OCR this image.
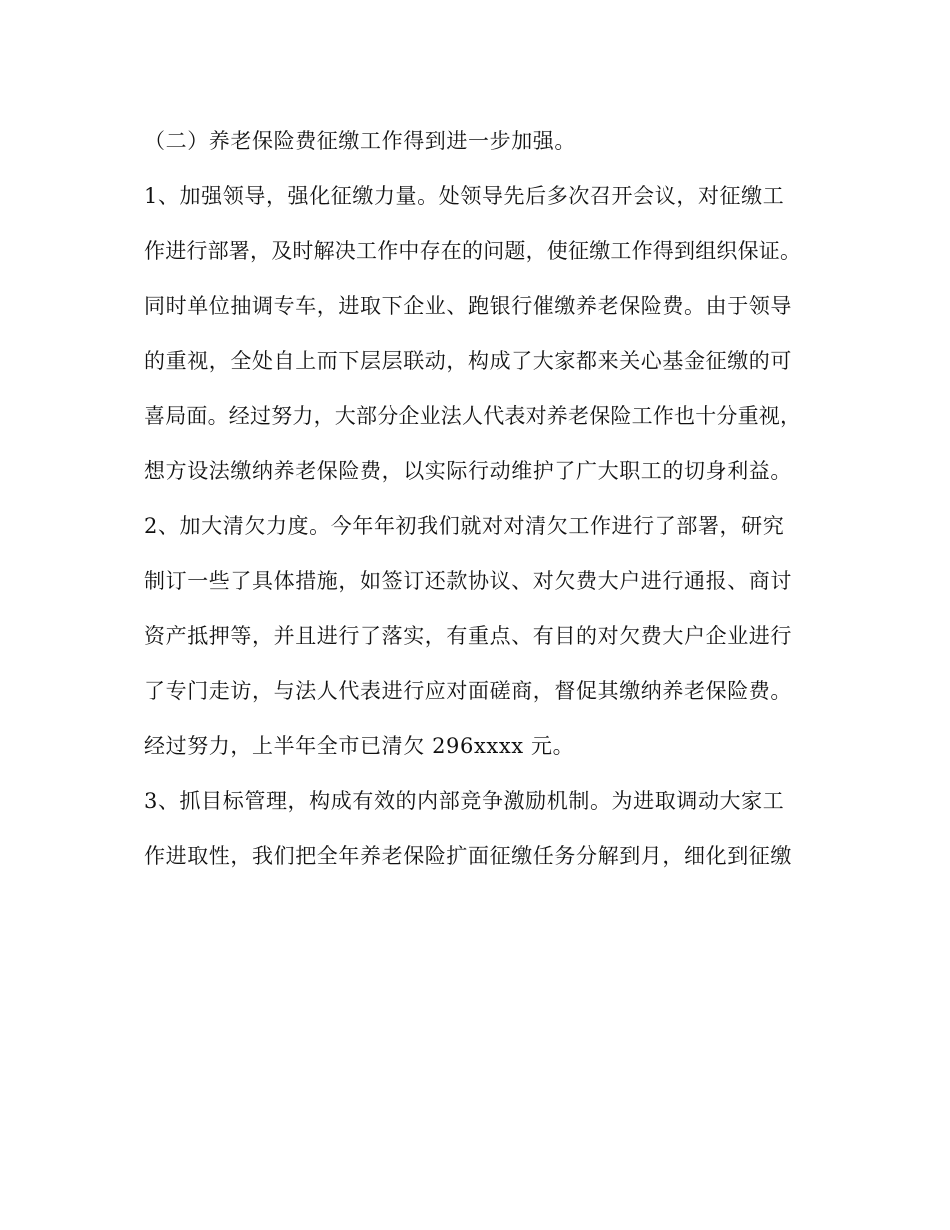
（二）养老保险费征缴工作得到进一步加强。
1、加强领导，强化征缴力量。处领导先后多次召开会议，对征缴工
作进行部署，及时解决工作中存在的问题，使征缴工作得到组织保证。
同时单位抽调专车，进取下企业、跑银行催缴养老保险费。由于领导
的重视，全处自上而下层层联动，构成了大家都来关心基金征缴的可
喜局面。经过努力，大部分企业法人代表对养老保险工作也十分重视，
想方设法缴纳养老保险费，以实际行动维护了广大职工的切身利益。
2、加大清欠力度。今年年初我们就对对清欠工作进行了部署，研究
制订一些了具体措施，如签订还款协议、对欠费大户进行通报、商讨
资产抵押等，并且进行了落实，有重点、有目的对欠费大户企业进行
了专门走访，与法人代表进行应对面磋商，督促其缴纳养老保险费。
经过努力，上半年全市已清欠 296xxxx 元。
3、抓目标管理，构成有效的内部竞争激励机制。为进取调动大家工
作进取性，我们把全年养老保险扩面征缴任务分解到月，细化到征缴
